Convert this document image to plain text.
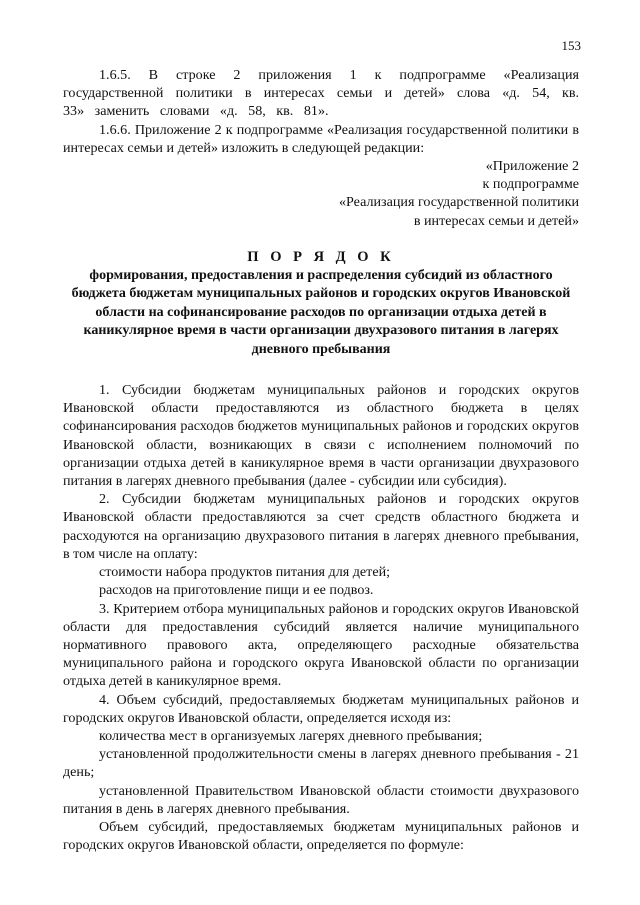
153

1.6.5. В строке 2 приложения 1 к подпрограмме «Реализация государственной политики в интересах семьи и детей» слова «д. 54, кв. 33» заменить словами «д. 58, кв. 81».

1.6.6. Приложение 2 к подпрограмме «Реализация государственной политики в интересах семьи и детей» изложить в следующей редакции:

«Приложение 2

к подпрограмме

«Реализация государственной политики

в интересах семьи и детей»

П О Р Я Д О К

формирования, предоставления и распределения субсидий из областного бюджета бюджетам муниципальных районов и городских округов Ивановской области на софинансирование расходов по организации отдыха детей в каникулярное время в части организации двухразового питания в лагерях дневного пребывания

1. Субсидии бюджетам муниципальных районов и городских округов Ивановской области предоставляются из областного бюджета в целях софинансирования расходов бюджетов муниципальных районов и городских округов Ивановской области, возникающих в связи с исполнением полномочий по организации отдыха детей в каникулярное время в части организации двухразового питания в лагерях дневного пребывания (далее - субсидии или субсидия).

2. Субсидии бюджетам муниципальных районов и городских округов Ивановской области предоставляются за счет средств областного бюджета и расходуются на организацию двухразового питания в лагерях дневного пребывания, в том числе на оплату:

стоимости набора продуктов питания для детей;

расходов на приготовление пищи и ее подвоз.

3. Критерием отбора муниципальных районов и городских округов Ивановской области для предоставления субсидий является наличие муниципального нормативного правового акта, определяющего расходные обязательства муниципального района и городского округа Ивановской области по организации отдыха детей в каникулярное время.

4. Объем субсидий, предоставляемых бюджетам муниципальных районов и городских округов Ивановской области, определяется исходя из:

количества мест в организуемых лагерях дневного пребывания;

установленной продолжительности смены в лагерях дневного пребывания - 21 день;

установленной Правительством Ивановской области стоимости двухразового питания в день в лагерях дневного пребывания.

Объем субсидий, предоставляемых бюджетам муниципальных районов и городских округов Ивановской области, определяется по формуле:
